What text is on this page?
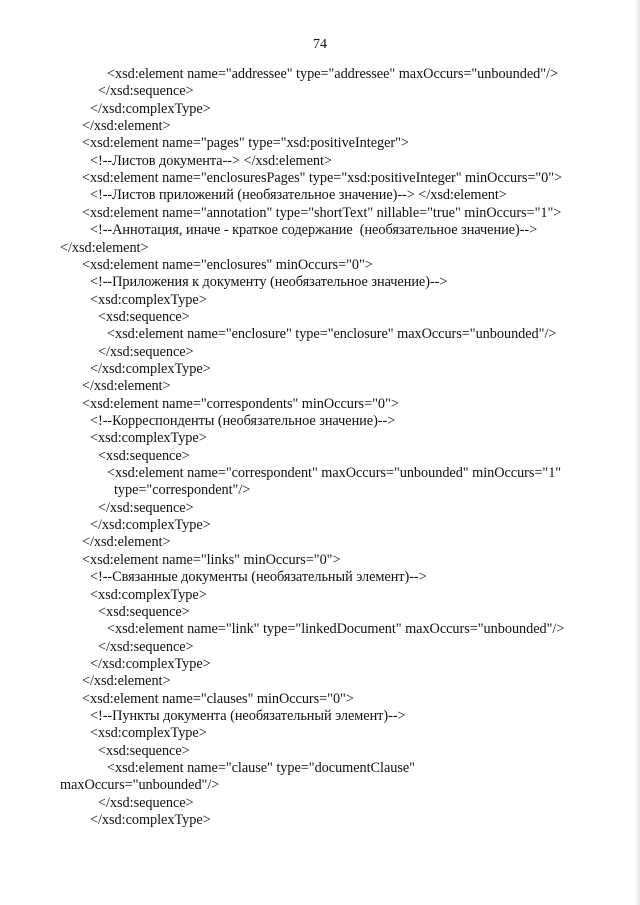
74
<xsd:element name="addressee" type="addressee" maxOccurs="unbounded"/>
</xsd:sequence>
</xsd:complexType>
</xsd:element>
<xsd:element name="pages" type="xsd:positiveInteger">
<!--Листов документа--> </xsd:element>
<xsd:element name="enclosuresPages" type="xsd:positiveInteger" minOccurs="0">
<!--Листов приложений (необязательное значение)--> </xsd:element>
<xsd:element name="annotation" type="shortText" nillable="true" minOccurs="1">
<!--Аннотация, иначе - краткое содержание  (необязательное значение)-->
</xsd:element>
<xsd:element name="enclosures" minOccurs="0">
<!--Приложения к документу (необязательное значение)-->
<xsd:complexType>
<xsd:sequence>
<xsd:element name="enclosure" type="enclosure" maxOccurs="unbounded"/>
</xsd:sequence>
</xsd:complexType>
</xsd:element>
<xsd:element name="correspondents" minOccurs="0">
<!--Корреспонденты (необязательное значение)-->
<xsd:complexType>
<xsd:sequence>
<xsd:element name="correspondent" maxOccurs="unbounded" minOccurs="1"
type="correspondent"/>
</xsd:sequence>
</xsd:complexType>
</xsd:element>
<xsd:element name="links" minOccurs="0">
<!--Связанные документы (необязательный элемент)-->
<xsd:complexType>
<xsd:sequence>
<xsd:element name="link" type="linkedDocument" maxOccurs="unbounded"/>
</xsd:sequence>
</xsd:complexType>
</xsd:element>
<xsd:element name="clauses" minOccurs="0">
<!--Пункты документа (необязательный элемент)-->
<xsd:complexType>
<xsd:sequence>
<xsd:element name="clause" type="documentClause"
maxOccurs="unbounded"/>
</xsd:sequence>
</xsd:complexType>
